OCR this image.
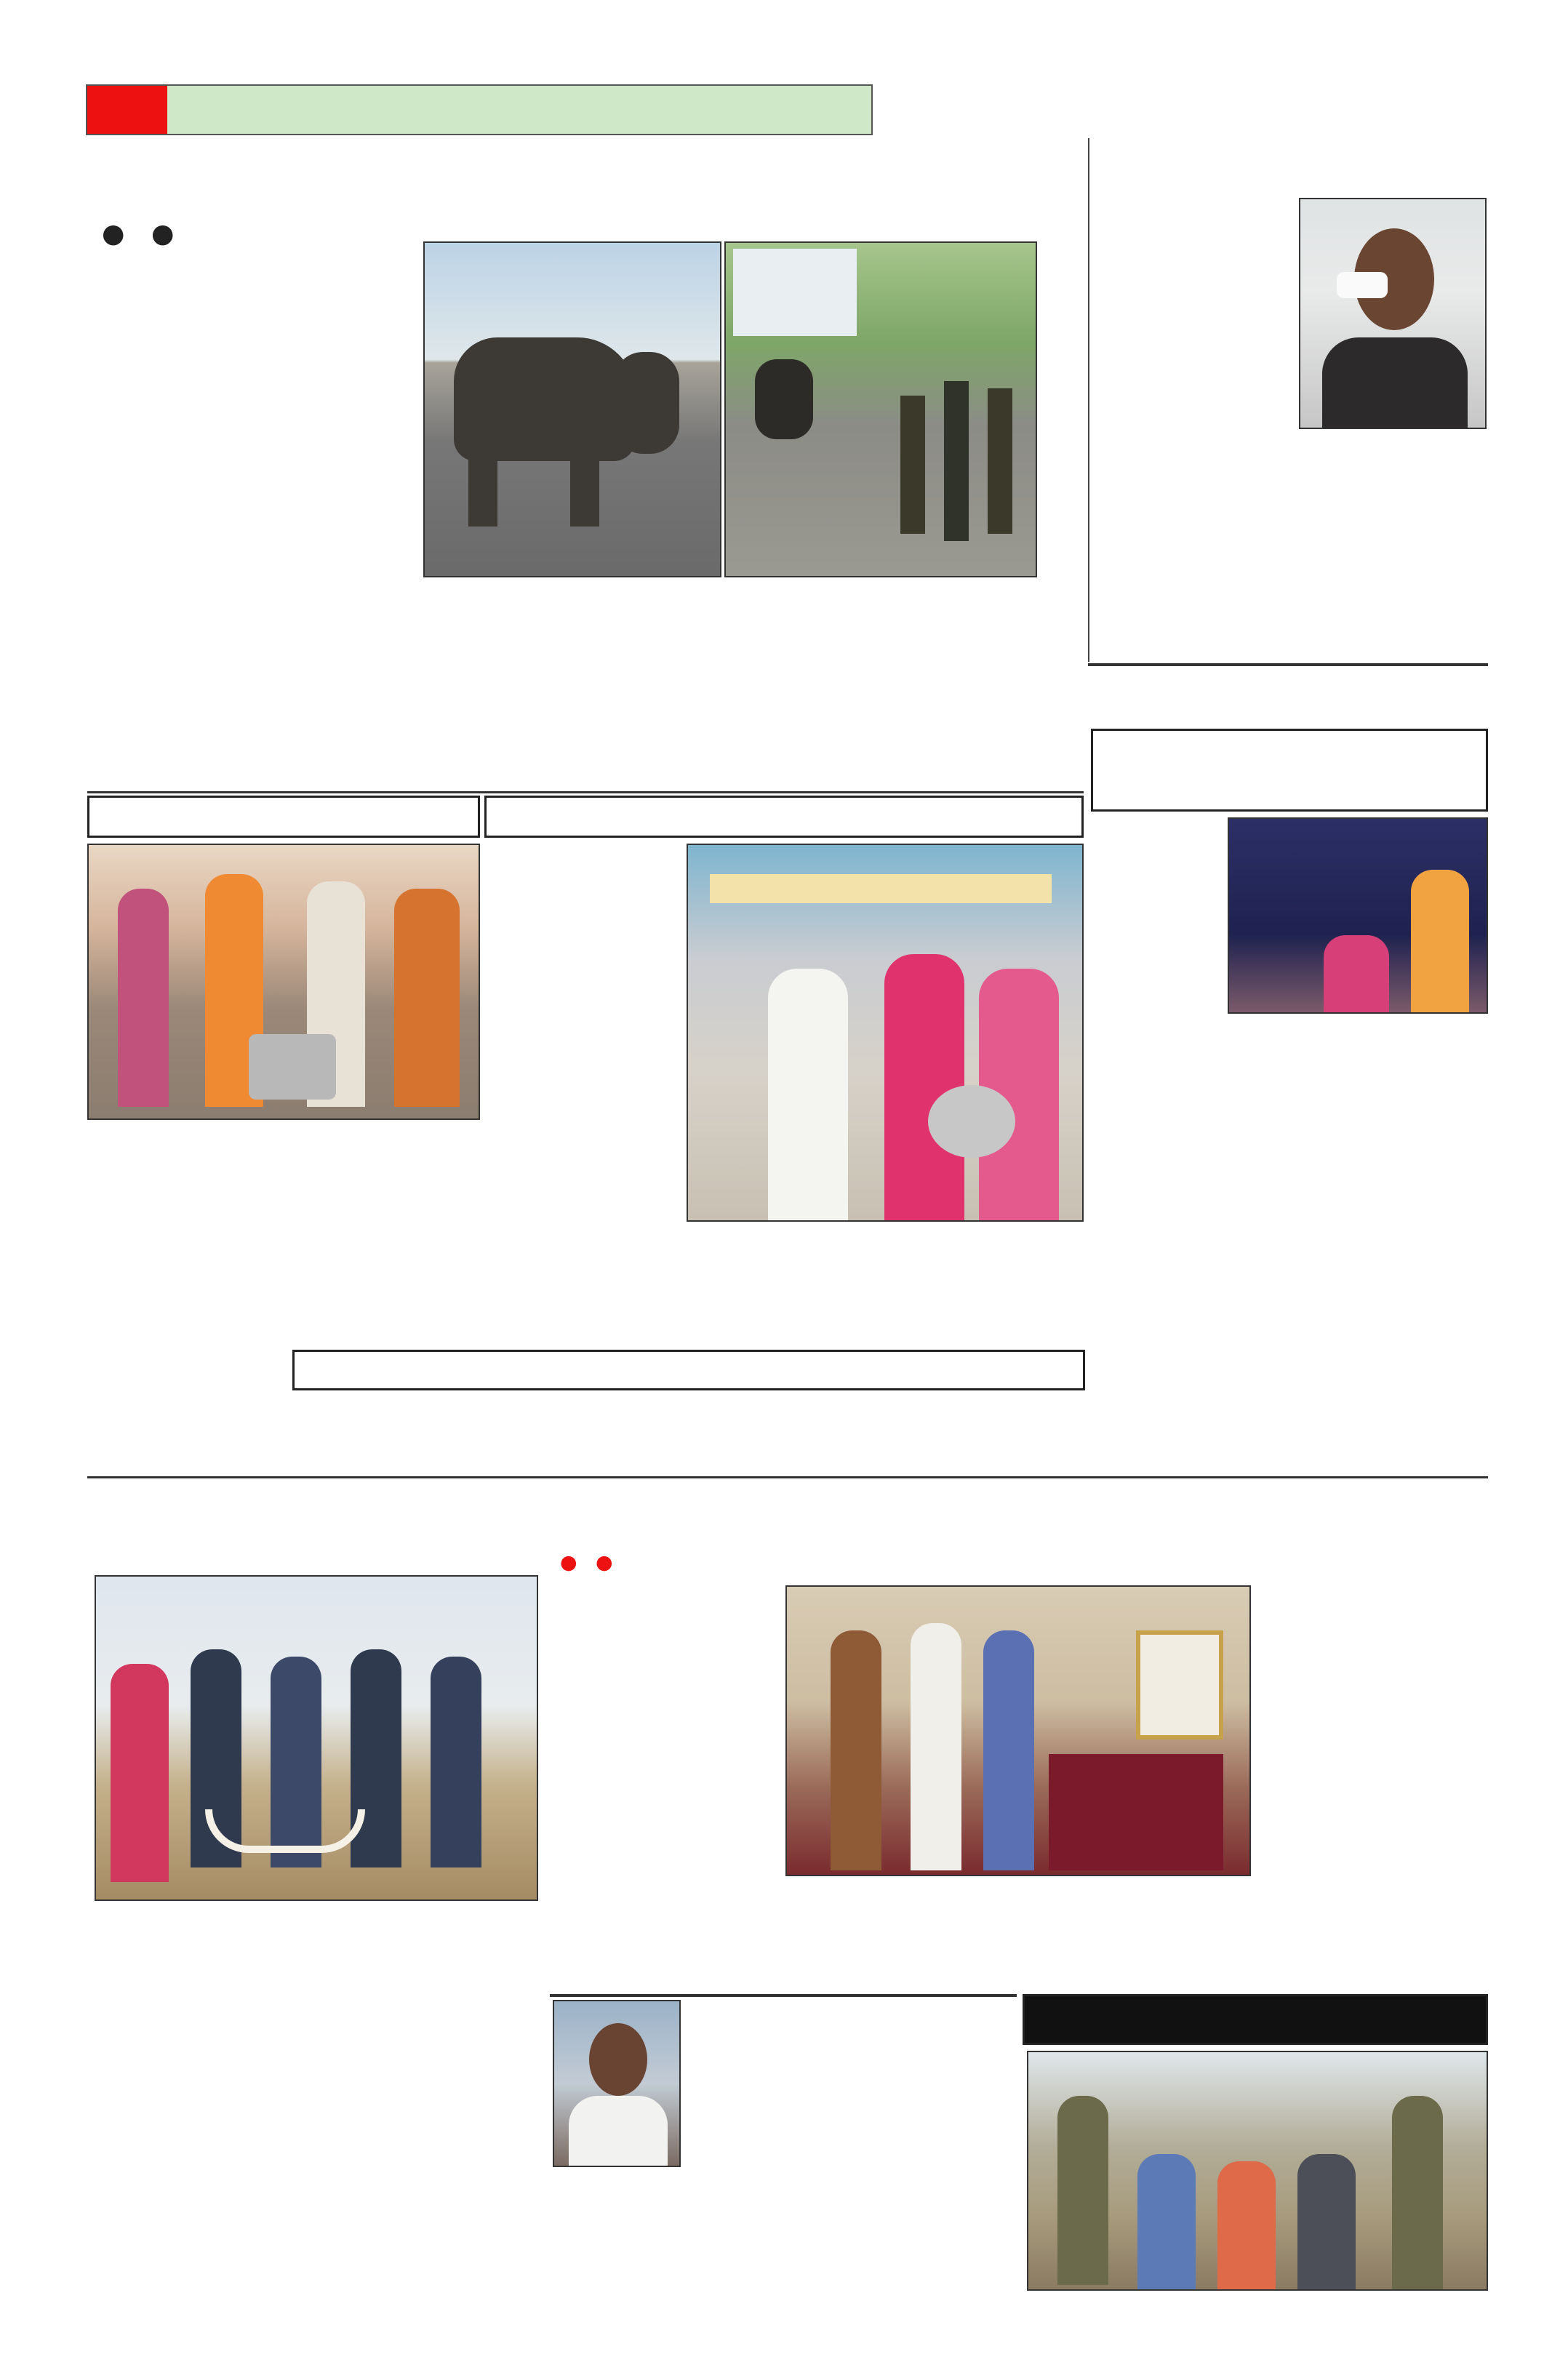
● ●
● ●
